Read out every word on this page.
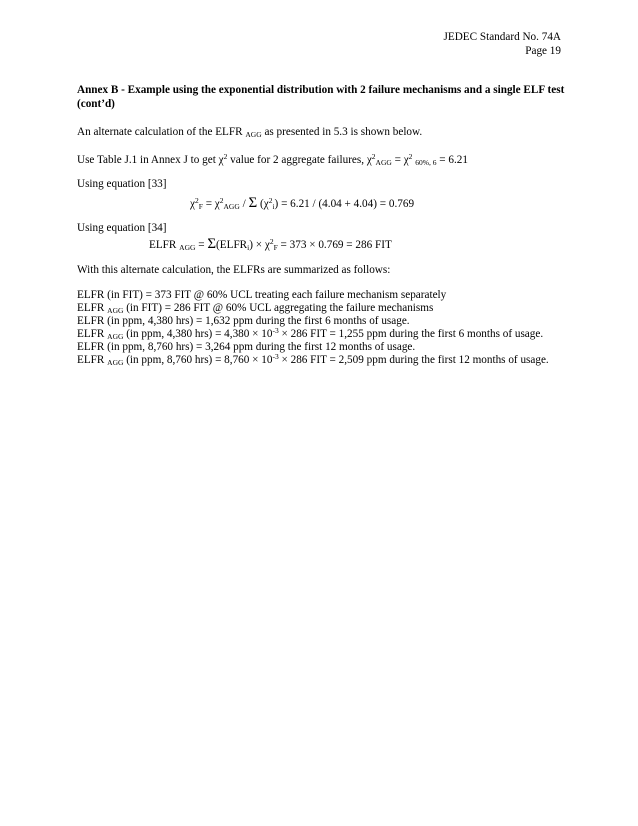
JEDEC Standard No. 74A
Page 19
Annex B - Example using the exponential distribution with 2 failure mechanisms and a single ELF test
(cont’d)
An alternate calculation of the ELFR $_{AGG}$ as presented in 5.3 is shown below.
Use Table J.1 in Annex J to get $\chi^2$ value for 2 aggregate failures, $\chi^2_{AGG} = \chi^2$ $_{60\%, 6}$ = 6.21
Using equation [33]
$\chi^2_F = \chi^2_{AGG} / \Sigma$ $(\chi^2_i) = 6.21 / (4.04 + 4.04) = 0.769$
Using equation [34]
ELFR $_{AGG} = \Sigma(ELFR_i) \times \chi^2_F = 373 \times 0.769 = 286$ FIT
With this alternate calculation, the ELFRs are summarized as follows:
ELFR (in FIT) = 373 FIT @ 60% UCL treating each failure mechanism separately
ELFR $_{AGG}$ (in FIT) = 286 FIT @ 60% UCL aggregating the failure mechanisms
ELFR (in ppm, 4,380 hrs) = 1,632 ppm during the first 6 months of usage.
ELFR $_{AGG}$ (in ppm, 4,380 $hrs) = 4,380 \times 10^{-3} \times 286$ FIT = 1,255 ppm during the first 6 months of usage.
ELFR (in ppm, 8,760 hrs) = 3,264 ppm during the first 12 months of usage.
ELFR $_{AGG}$ (in ppm, 8,760 $hrs) = 8,760 \times 10^{-3} \times 286$ FIT = 2,509 ppm during the first 12 months of usage.
